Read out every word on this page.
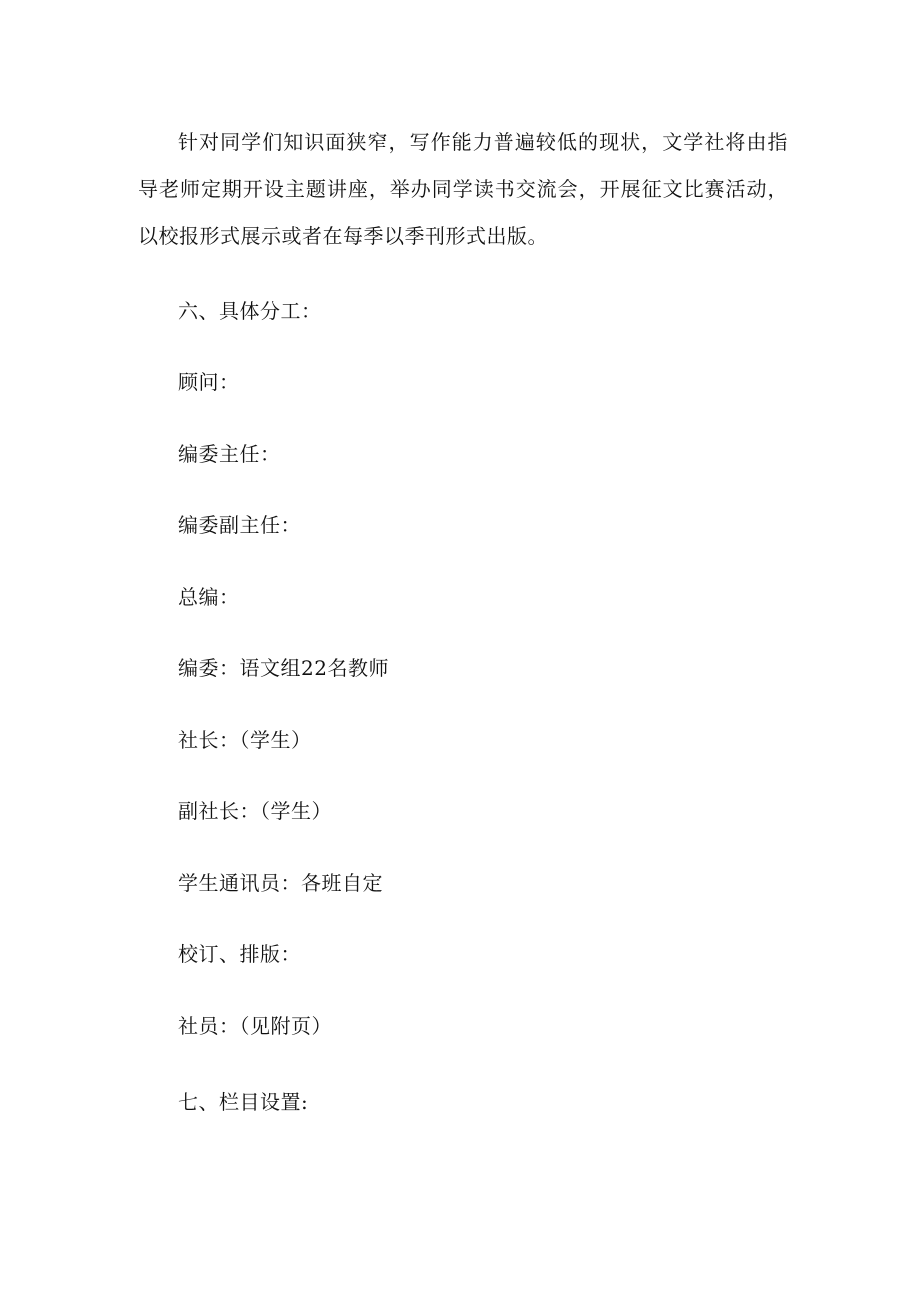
针对同学们知识面狭窄，写作能力普遍较低的现状，文学社将由指导老师定期开设主题讲座，举办同学读书交流会，开展征文比赛活动，以校报形式展示或者在每季以季刊形式出版。

六、具体分工：

顾问：

编委主任：

编委副主任：

总编：

编委：语文组22名教师

社长：（学生）

副社长：（学生）

学生通讯员：各班自定

校订、排版：

社员：（见附页）

七、栏目设置:
